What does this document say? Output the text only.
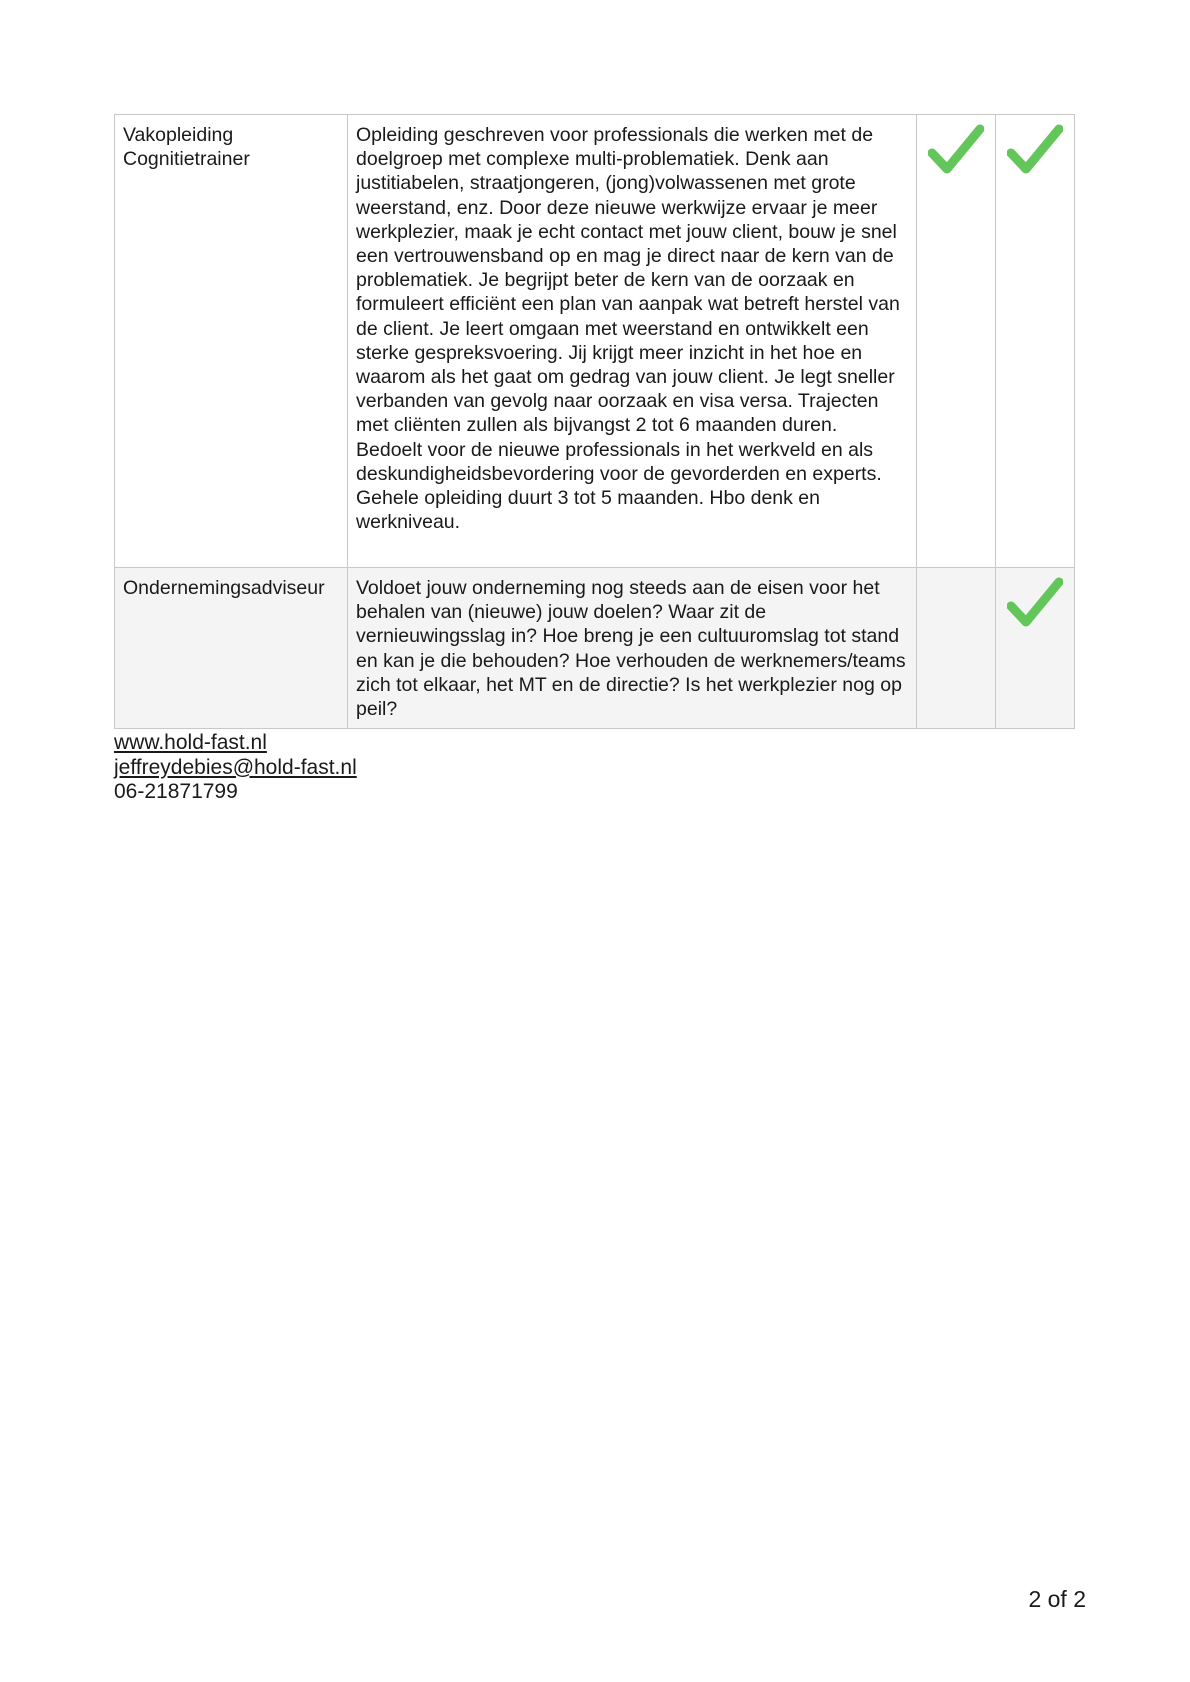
Vakopleiding Cognitietrainer	Opleiding geschreven voor professionals die werken met de doelgroep met complexe multi-problematiek. Denk aan justitiabelen, straatjongeren, (jong)volwassenen met grote weerstand, enz. Door deze nieuwe werkwijze ervaar je meer werkplezier, maak je echt contact met jouw client, bouw je snel een vertrouwensband op en mag je direct naar de kern van de problematiek. Je begrijpt beter de kern van de oorzaak en formuleert efficiënt een plan van aanpak wat betreft herstel van de client. Je leert omgaan met weerstand en ontwikkelt een sterke gespreksvoering. Jij krijgt meer inzicht in het hoe en waarom als het gaat om gedrag van jouw client. Je legt sneller verbanden van gevolg naar oorzaak en visa versa. Trajecten met cliënten zullen als bijvangst 2 tot 6 maanden duren. Bedoelt voor de nieuwe professionals in het werkveld en als deskundigheidsbevordering voor de gevorderden en experts. Gehele opleiding duurt 3 tot 5 maanden. Hbo denk en werkniveau.	

Ondernemingsadviseur	Voldoet jouw onderneming nog steeds aan de eisen voor het behalen van (nieuwe) jouw doelen? Waar zit de vernieuwingsslag in? Hoe breng je een cultuuromslag tot stand en kan je die behouden? Hoe verhouden de werknemers/teams zich tot elkaar, het MT en de directie? Is het werkplezier nog op peil?		
www.hold-fast.nl
jeffreydebies@hold-fast.nl
06-21871799
2 of 2
